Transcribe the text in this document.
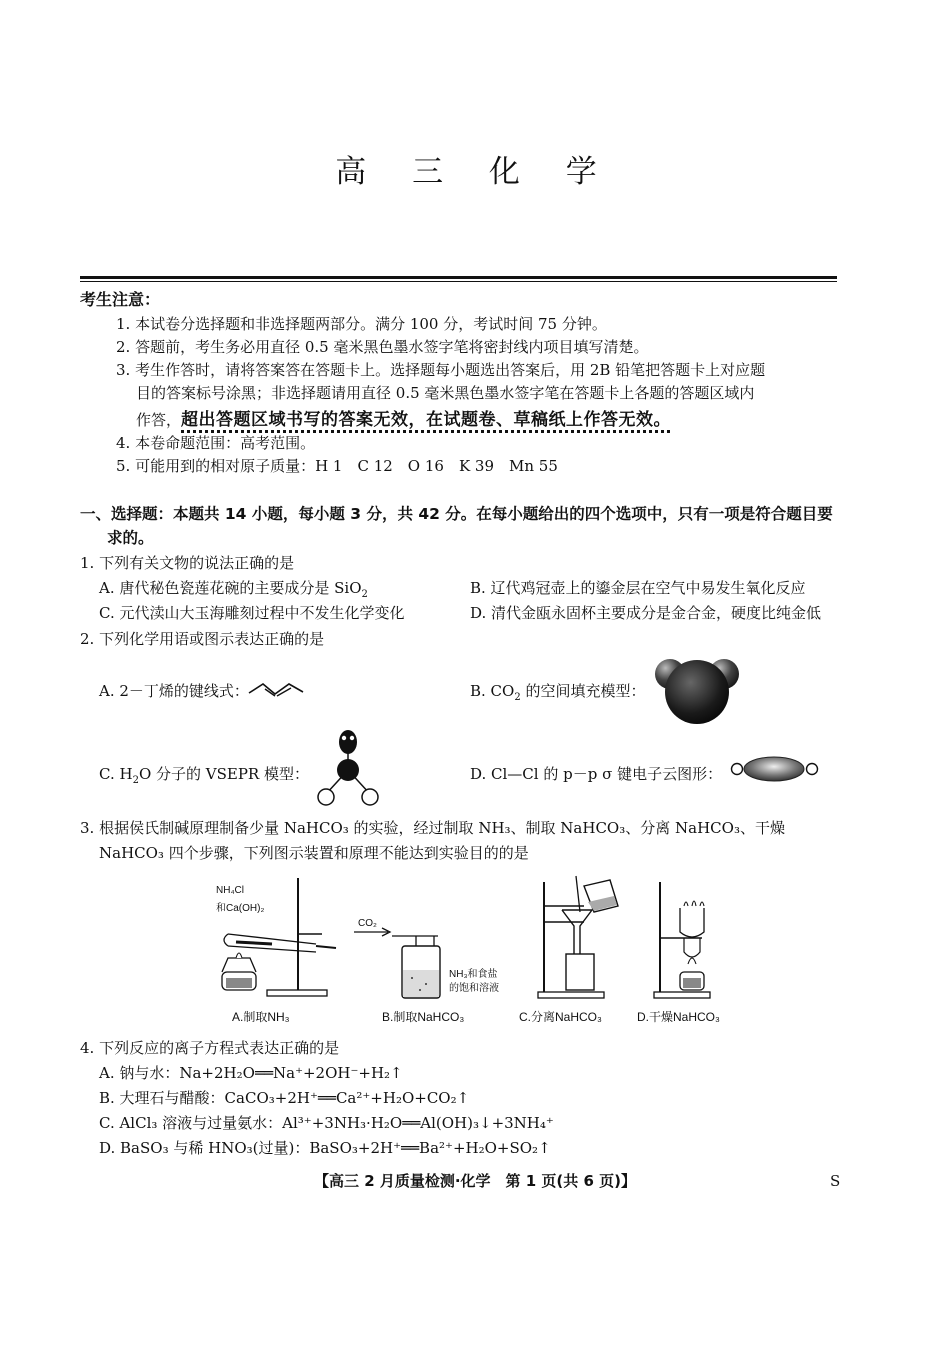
高 三 化 学
考生注意：
1. 本试卷分选择题和非选择题两部分。满分 100 分，考试时间 75 分钟。
2. 答题前，考生务必用直径 0.5 毫米黑色墨水签字笔将密封线内项目填写清楚。
3. 考生作答时，请将答案答在答题卡上。选择题每小题选出答案后，用 2B 铅笔把答题卡上对应题
目的答案标号涂黑；非选择题请用直径 0.5 毫米黑色墨水签字笔在答题卡上各题的答题区域内
作答，超出答题区域书写的答案无效，在试题卷、草稿纸上作答无效。
4. 本卷命题范围：高考范围。
5. 可能用到的相对原子质量：H 1　C 12　O 16　K 39　Mn 55
一、选择题：本题共 14 小题，每小题 3 分，共 42 分。在每小题给出的四个选项中，只有一项是符合题目要
求的。
1. 下列有关文物的说法正确的是
A. 唐代秘色瓷莲花碗的主要成分是 SiO$_2$	B. 辽代鸡冠壶上的鎏金层在空气中易发生氧化反应
C. 元代渎山大玉海雕刻过程中不发生化学变化	D. 清代金瓯永固杯主要成分是金合金，硬度比纯金低
2. 下列化学用语或图示表达正确的是
A. 2－丁烯的键线式：	B. $CO_2$ 的空间填充模型：
C. $H_2O$ 分子的 VSEPR 模型：	D. Cl—Cl 的 p－p σ 键电子云图形：
3. 根据侯氏制碱原理制备少量 NaHCO₃ 的实验，经过制取 NH₃、制取 NaHCO₃、分离 NaHCO₃、干燥
NaHCO₃ 四个步骤，下列图示装置和原理不能达到实验目的的是
NH₄Cl
和Ca(OH)₂
A.制取NH₃
CO₂
NH₃和食盐
的饱和溶液
B.制取NaHCO₃	C.分离NaHCO₃	D.干燥NaHCO₃
4. 下列反应的离子方程式表达正确的是
A. 钠与水：Na+2H₂O══Na⁺+2OH⁻+H₂↑
B. 大理石与醋酸：CaCO₃+2H⁺══Ca²⁺+H₂O+CO₂↑
C. AlCl₃ 溶液与过量氨水：Al³⁺+3NH₃·H₂O══Al(OH)₃↓+3NH₄⁺
D. BaSO₃ 与稀 HNO₃(过量)：BaSO₃+2H⁺══Ba²⁺+H₂O+SO₂↑
【高三 2 月质量检测·化学　第 1 页(共 6 页)】	S
